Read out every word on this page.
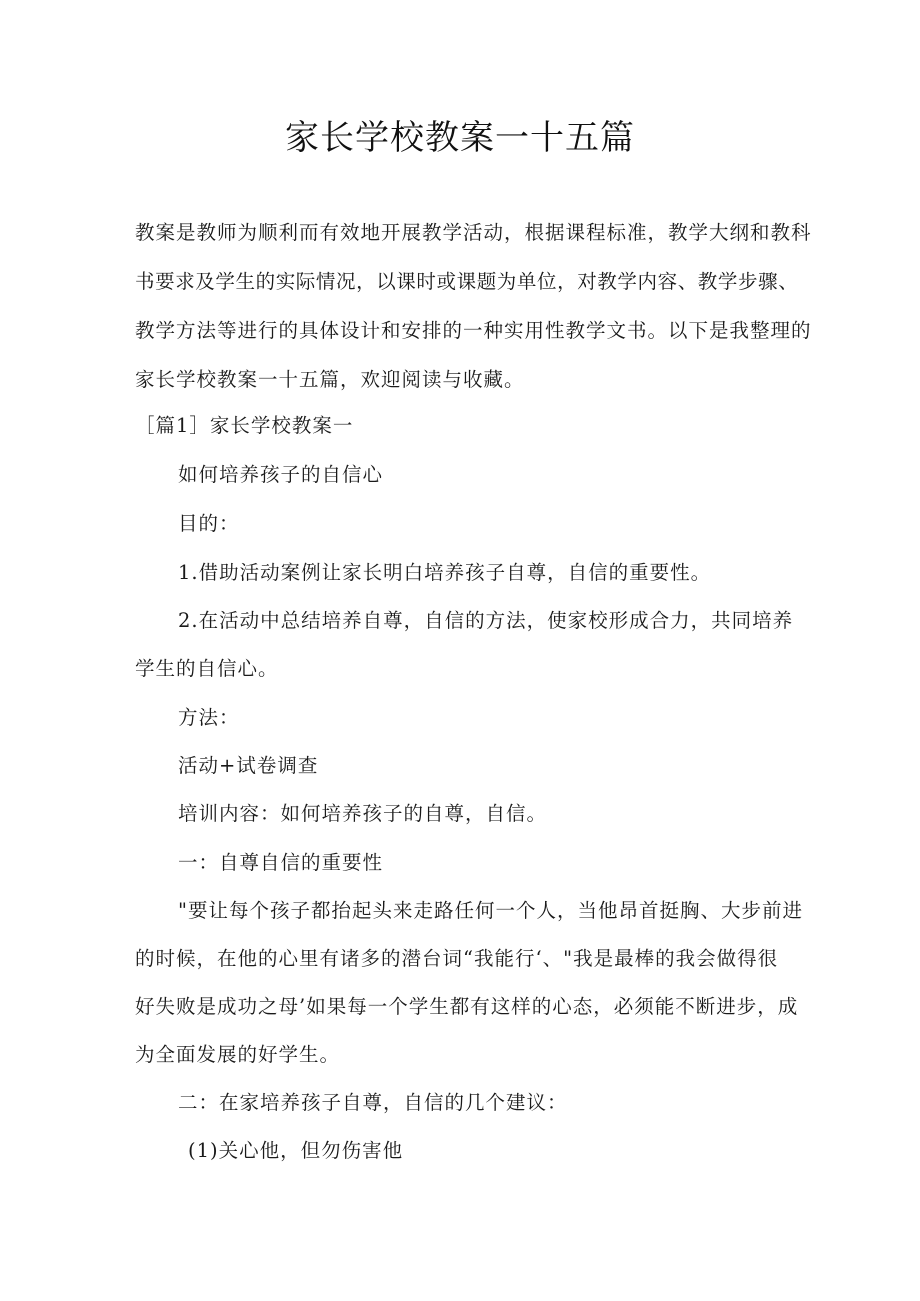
家长学校教案一十五篇
教案是教师为顺利而有效地开展教学活动，根据课程标准，教学大纲和教科
书要求及学生的实际情况，以课时或课题为单位，对教学内容、教学步骤、
教学方法等进行的具体设计和安排的一种实用性教学文书。以下是我整理的
家长学校教案一十五篇，欢迎阅读与收藏。
［篇1］家长学校教案一
如何培养孩子的自信心
目的：
1.借助活动案例让家长明白培养孩子自尊，自信的重要性。
2.在活动中总结培养自尊，自信的方法，使家校形成合力，共同培养
学生的自信心。
方法：
活动+试卷调查
培训内容：如何培养孩子的自尊，自信。
一：自尊自信的重要性
"要让每个孩子都抬起头来走路任何一个人，当他昂首挺胸、大步前进
的时候，在他的心里有诸多的潜台词“我能行‘、"我是最棒的我会做得很
好失败是成功之母’如果每一个学生都有这样的心态，必须能不断进步，成
为全面发展的好学生。
二：在家培养孩子自尊，自信的几个建议：
(1)关心他，但勿伤害他
